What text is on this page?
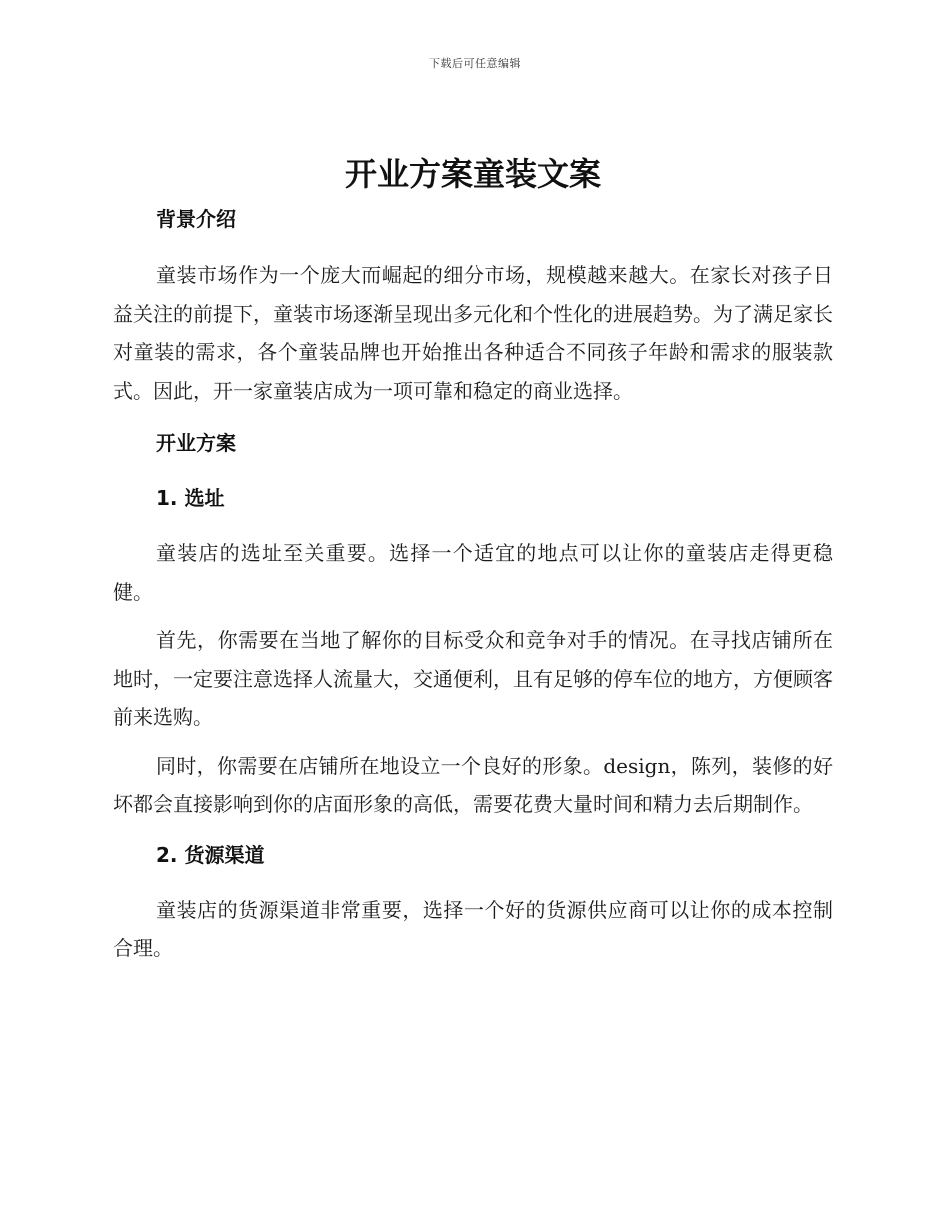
下载后可任意编辑
开业方案童装文案
背景介绍

童装市场作为一个庞大而崛起的细分市场，规模越来越大。在家长对孩子日益关注的前提下，童装市场逐渐呈现出多元化和个性化的进展趋势。为了满足家长对童装的需求，各个童装品牌也开始推出各种适合不同孩子年龄和需求的服装款式。因此，开一家童装店成为一项可靠和稳定的商业选择。

开业方案
1. 选址

童装店的选址至关重要。选择一个适宜的地点可以让你的童装店走得更稳健。

首先，你需要在当地了解你的目标受众和竞争对手的情况。在寻找店铺所在地时，一定要注意选择人流量大，交通便利，且有足够的停车位的地方，方便顾客前来选购。

同时，你需要在店铺所在地设立一个良好的形象。design，陈列，装修的好坏都会直接影响到你的店面形象的高低，需要花费大量时间和精力去后期制作。

2. 货源渠道

童装店的货源渠道非常重要，选择一个好的货源供应商可以让你的成本控制合理。
